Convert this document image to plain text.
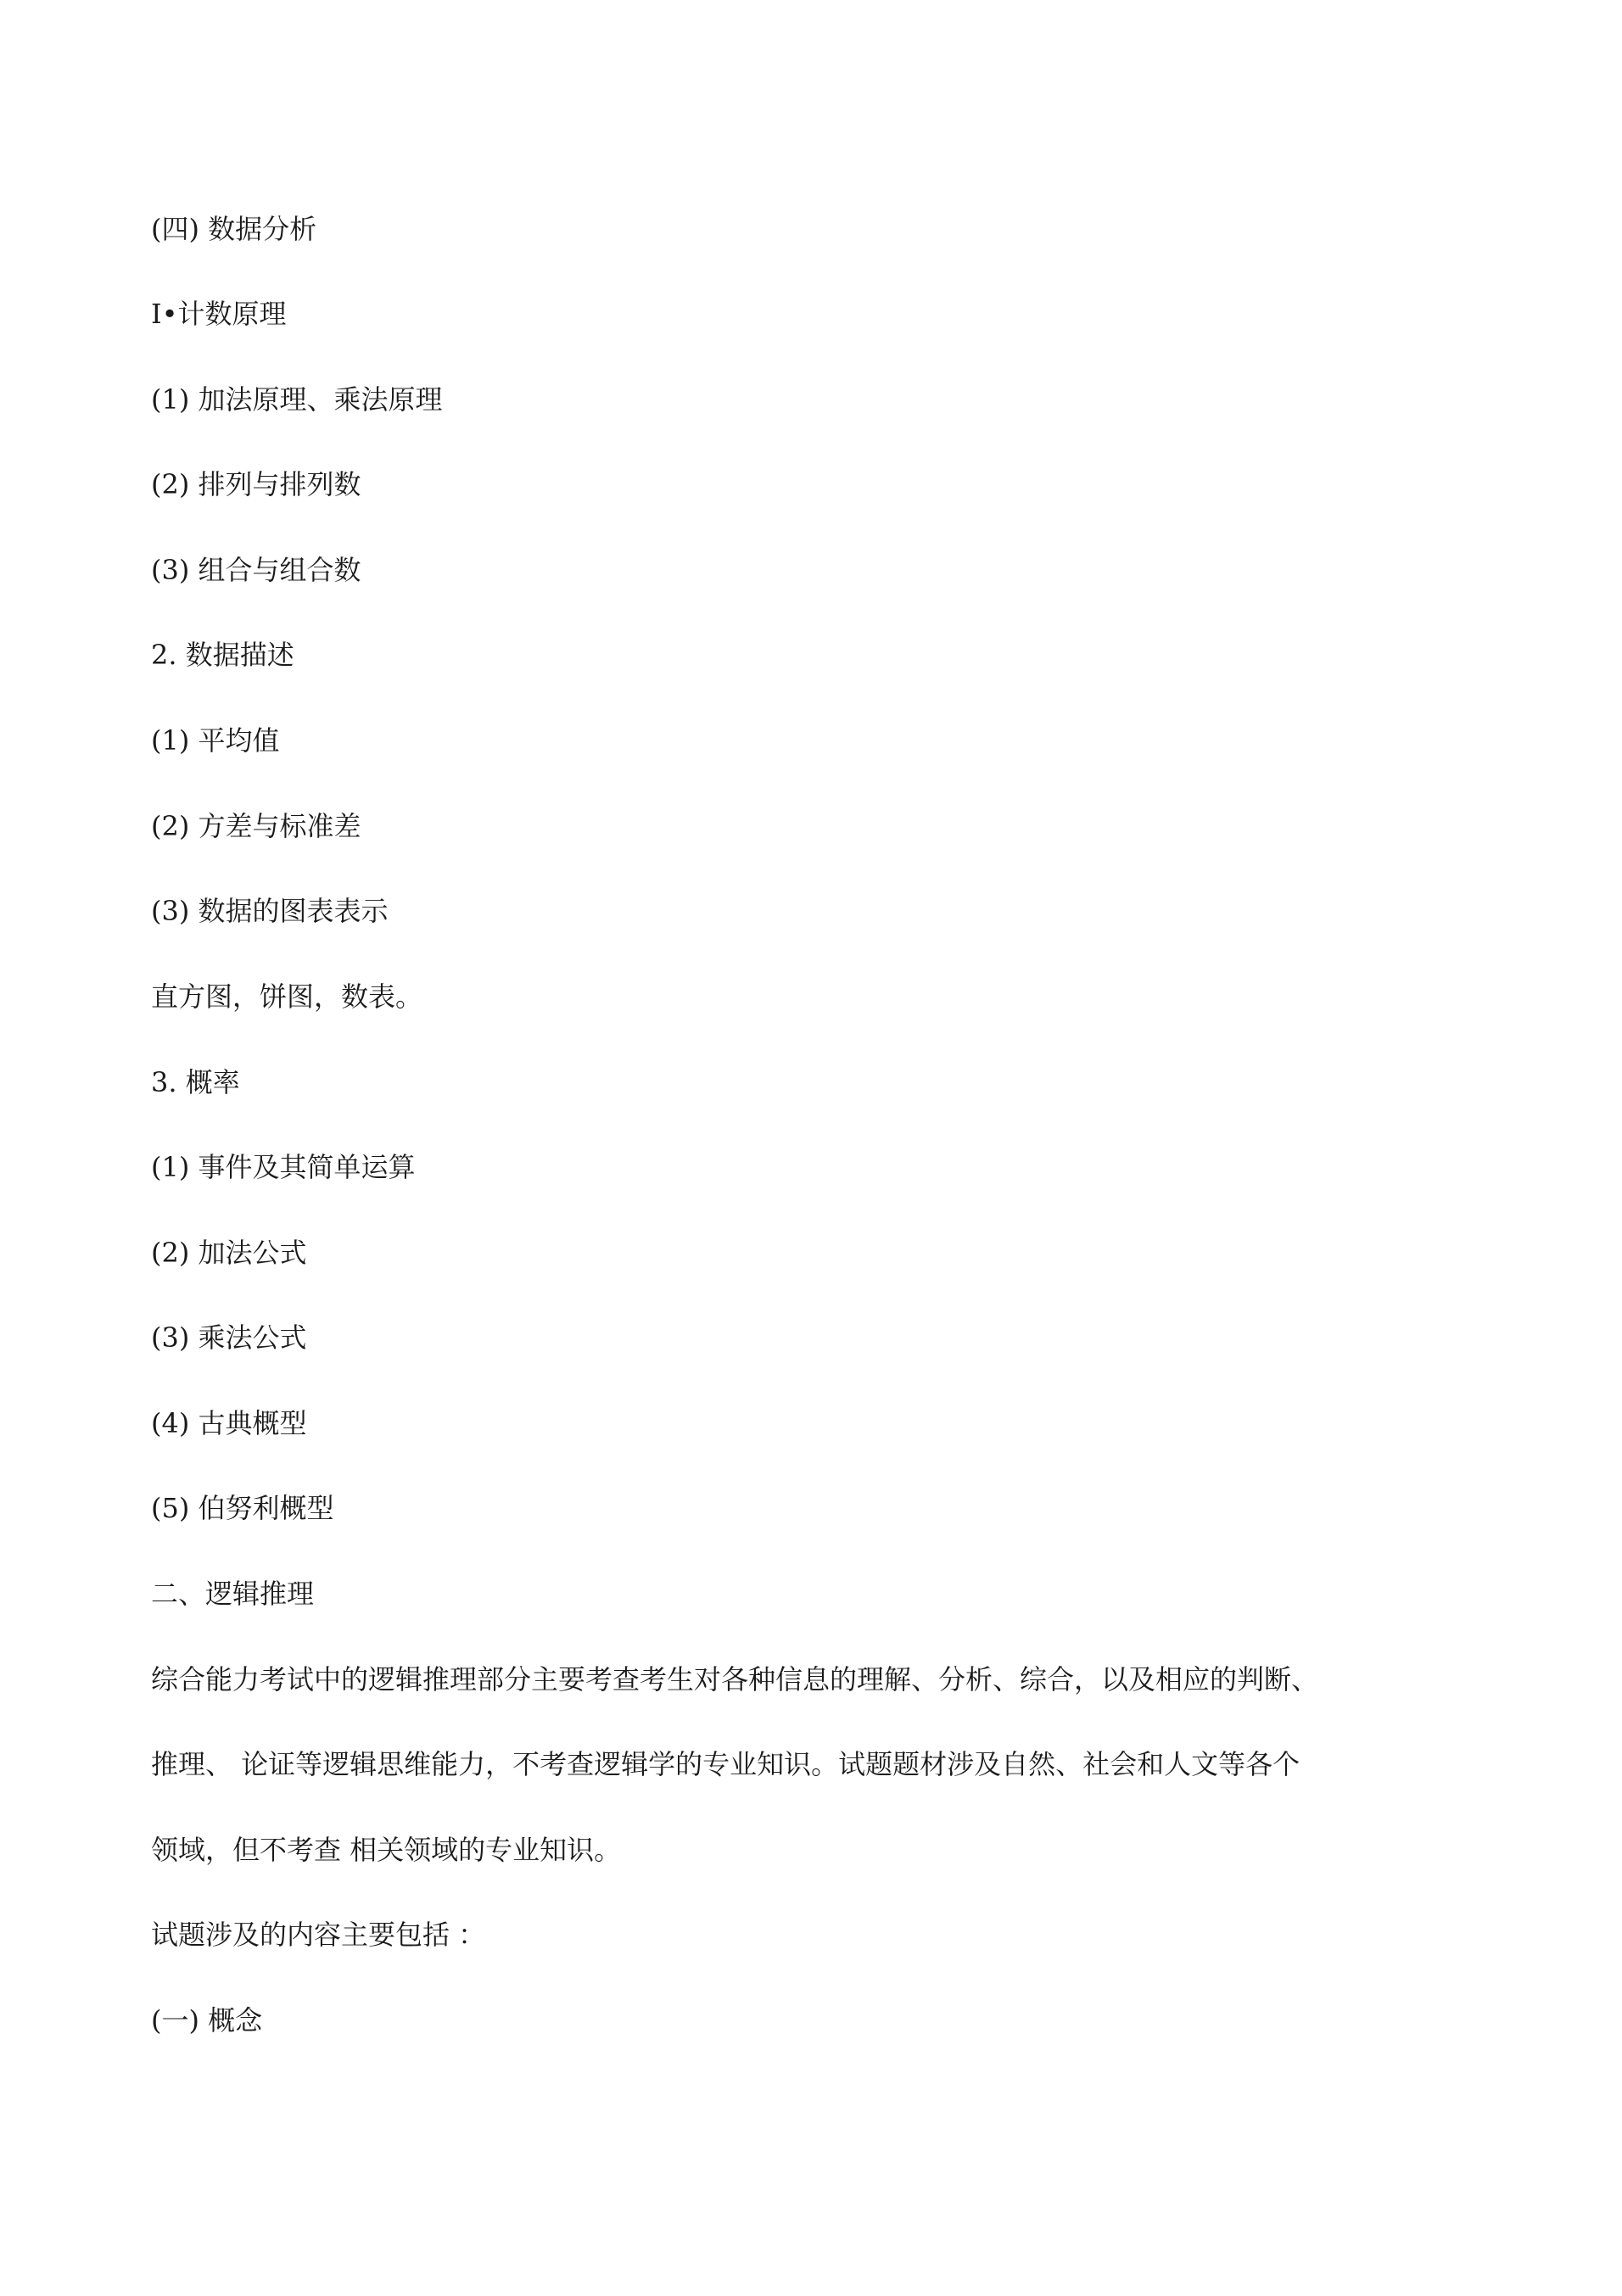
(四) 数据分析
I•计数原理
(1) 加法原理、乘法原理
(2) 排列与排列数
(3) 组合与组合数
2. 数据描述
(1) 平均值
(2) 方差与标准差
(3) 数据的图表表示
直方图，饼图，数表。
3. 概率
(1) 事件及其简单运算
(2) 加法公式
(3) 乘法公式
(4) 古典概型
(5) 伯努利概型
二、逻辑推理
综合能力考试中的逻辑推理部分主要考查考生对各种信息的理解、分析、综合，以及相应的判断、
推理、 论证等逻辑思维能力，不考查逻辑学的专业知识。试题题材涉及自然、社会和人文等各个
领域，但不考查 相关领域的专业知识。
试题涉及的内容主要包括 ：
(一) 概念
